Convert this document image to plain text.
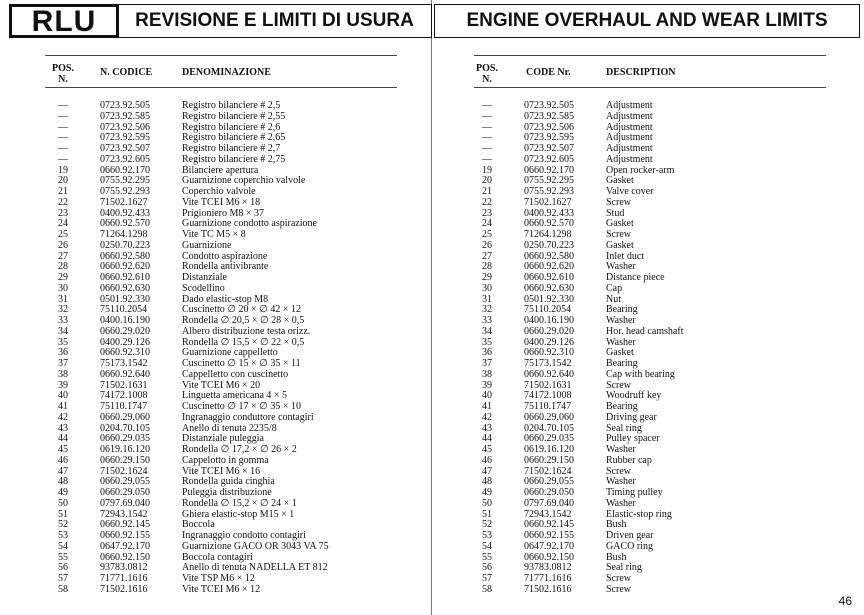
RLU	REVISIONE E LIMITI DI USURA
POS.
N.
N. CODICE	DENOMINAZIONE
—	0723.92.505	Registro bilanciere # 2,5
—	0723.92.585	Registro bilanciere # 2,55
—	0723.92.506	Registro bilanciere # 2,6
—	0723.92.595	Registro bilanciere # 2,65
—	0723.92.507	Registro bilanciere # 2,7
—	0723.92.605	Registro bilanciere # 2,75
19	0660.92.170	Bilanciere apertura
20	0755.92.295	Guarnizione coperchio valvole
21	0755.92.293	Coperchio valvole
22	71502.1627	Vite TCEI M6 × 18
23	0400.92.433	Prigioniero M8 × 37
24	0660.92.570	Guarnizione condotto aspirazione
25	71264.1298	Vite TC M5 × 8
26	0250.70.223	Guarnizione
27	0660.92.580	Condotto aspirazione
28	0660.92.620	Rondella antivibrante
29	0660.92.610	Distanziale
30	0660.92.630	Scodellino
31	0501.92.330	Dado elastic-stop M8
32	75110.2054	Cuscinetto ∅ 20 × ∅ 42 × 12
33	0400.16.190	Rondella ∅ 20,5 × ∅ 28 × 0,5
34	0660.29.020	Albero distribuzione testa orizz.
35	0400.29.126	Rondella ∅ 15,5 × ∅ 22 × 0,5
36	0660.92.310	Guarnizione cappelletto
37	75173.1542	Cuscinetto ∅ 15 × ∅ 35 × 11
38	0660.92.640	Cappelletto con cuscinetto
39	71502.1631	Vite TCEI M6 × 20
40	74172.1008	Linguetta americana 4 × 5
41	75110.1747	Cuscinetto ∅ 17 × ∅ 35 × 10
42	0660.29.060	Ingranaggio conduttore contagiri
43	0204.70.105	Anello di tenuta 2235/8
44	0660.29.035	Distanziale puleggia
45	0619.16.120	Rondella ∅ 17,2 × ∅ 26 × 2
46	0660.29.150	Cappelotto in gomma
47	71502.1624	Vite TCEI M6 × 16
48	0660.29.055	Rondella guida cinghia
49	0660.29.050	Puleggia distribuzione
50	0797.69.040	Rondella ∅ 15,2 × ∅ 24 × 1
51	72943.1542	Ghiera elastic-stop M15 × 1
52	0660.92.145	Boccola
53	0660.92.155	Ingranaggio condotto contagiri
54	0647.92.170	Guarnizione GACO OR 3043 VA 75
55	0660.92.150	Boccola contagiri
56	93783.0812	Anello di tenuta NADELLA ET 812
57	71771.1616	Vite TSP M6 × 12
58	71502.1616	Vite TCEI M6 × 12
ENGINE OVERHAUL AND WEAR LIMITS
POS.
N.
CODE Nr.	DESCRIPTION
—	0723.92.505	Adjustment
—	0723.92.585	Adjustment
—	0723.92.506	Adjustment
—	0723.92.595	Adjustment
—	0723.92.507	Adjustment
—	0723.92.605	Adjustment
19	0660.92.170	Open rocker-arm
20	0755.92.295	Gasket
21	0755.92.293	Valve cover
22	71502.1627	Screw
23	0400.92.433	Stud
24	0660.92.570	Gasket
25	71264.1298	Screw
26	0250.70.223	Gasket
27	0660.92.580	Inlet duct
28	0660.92.620	Washer
29	0660.92.610	Distance piece
30	0660.92.630	Cap
31	0501.92.330	Nut
32	75110.2054	Bearing
33	0400.16.190	Washer
34	0660.29.020	Hor. head camshaft
35	0400.29.126	Washer
36	0660.92.310	Gasket
37	75173.1542	Bearing
38	0660.92.640	Cap with bearing
39	71502.1631	Screw
40	74172.1008	Woodruff key
41	75110.1747	Bearing
42	0660.29.060	Driving gear
43	0204.70.105	Seal ring
44	0660.29.035	Pulley spacer
45	0619.16.120	Washer
46	0660.29.150	Rubber cap
47	71502.1624	Screw
48	0660.29.055	Washer
49	0660.29.050	Timing pulley
50	0797.69.040	Washer
51	72943.1542	Elastic-stop ring
52	0660.92.145	Bush
53	0660.92.155	Driven gear
54	0647.92.170	GACO ring
55	0660.92.150	Bush
56	93783.0812	Seal ring
57	71771.1616	Screw
58	71502.1616	Screw
46
